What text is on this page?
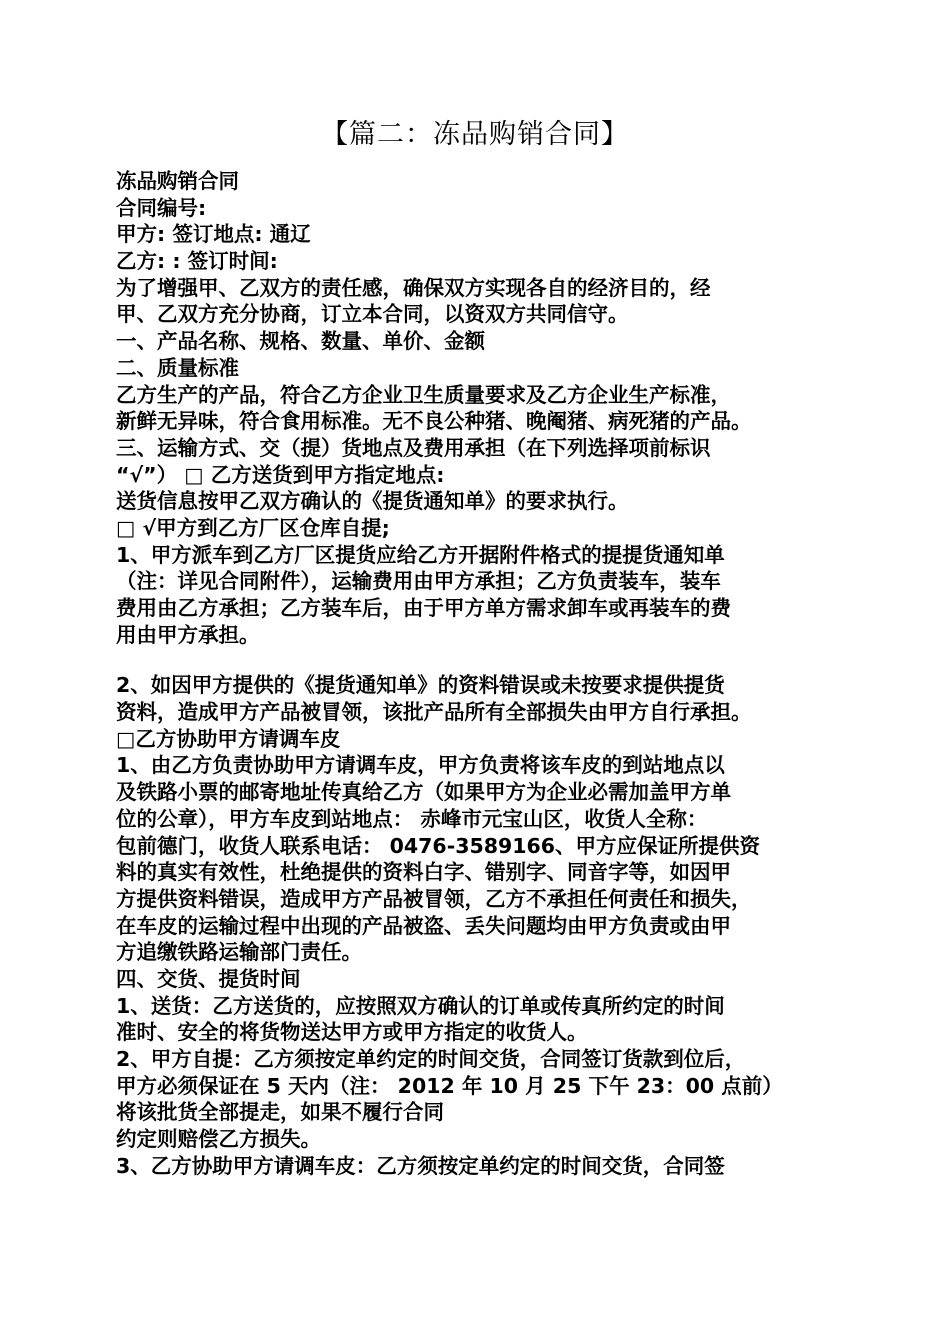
【篇二：冻品购销合同】
冻品购销合同
合同编号:
甲方: 签订地点: 通辽
乙方: : 签订时间:
为了增强甲、乙双方的责任感，确保双方实现各自的经济目的，经
甲、乙双方充分协商，订立本合同，以资双方共同信守。
一、产品名称、规格、数量、单价、金额
二、质量标准
乙方生产的产品，符合乙方企业卫生质量要求及乙方企业生产标准，
新鲜无异味，符合食用标准。无不良公种猪、晚阉猪、病死猪的产品。
三、运输方式、交（提）货地点及费用承担（在下列选择项前标识
“√”） □ 乙方送货到甲方指定地点:
送货信息按甲乙双方确认的《提货通知单》的要求执行。
□ √甲方到乙方厂区仓库自提;
1、甲方派车到乙方厂区提货应给乙方开据附件格式的提提货通知单
（注：详见合同附件），运输费用由甲方承担；乙方负责装车，装车
费用由乙方承担；乙方装车后，由于甲方单方需求卸车或再装车的费
用由甲方承担。
2、如因甲方提供的《提货通知单》的资料错误或未按要求提供提货
资料，造成甲方产品被冒领，该批产品所有全部损失由甲方自行承担。
□乙方协助甲方请调车皮
1、由乙方负责协助甲方请调车皮，甲方负责将该车皮的到站地点以
及铁路小票的邮寄地址传真给乙方（如果甲方为企业必需加盖甲方单
位的公章），甲方车皮到站地点： 赤峰市元宝山区，收货人全称：
包前德门，收货人联系电话： 0476-3589166、甲方应保证所提供资
料的真实有效性，杜绝提供的资料白字、错别字、同音字等，如因甲
方提供资料错误，造成甲方产品被冒领，乙方不承担任何责任和损失，
在车皮的运输过程中出现的产品被盗、丢失问题均由甲方负责或由甲
方追缴铁路运输部门责任。
四、交货、提货时间
1、送货：乙方送货的，应按照双方确认的订单或传真所约定的时间
准时、安全的将货物送达甲方或甲方指定的收货人。
2、甲方自提：乙方须按定单约定的时间交货，合同签订货款到位后，
甲方必须保证在 5 天内（注： 2012 年 10 月 25 下午 23：00 点前）
将该批货全部提走，如果不履行合同
约定则赔偿乙方损失。
3、乙方协助甲方请调车皮：乙方须按定单约定的时间交货，合同签
